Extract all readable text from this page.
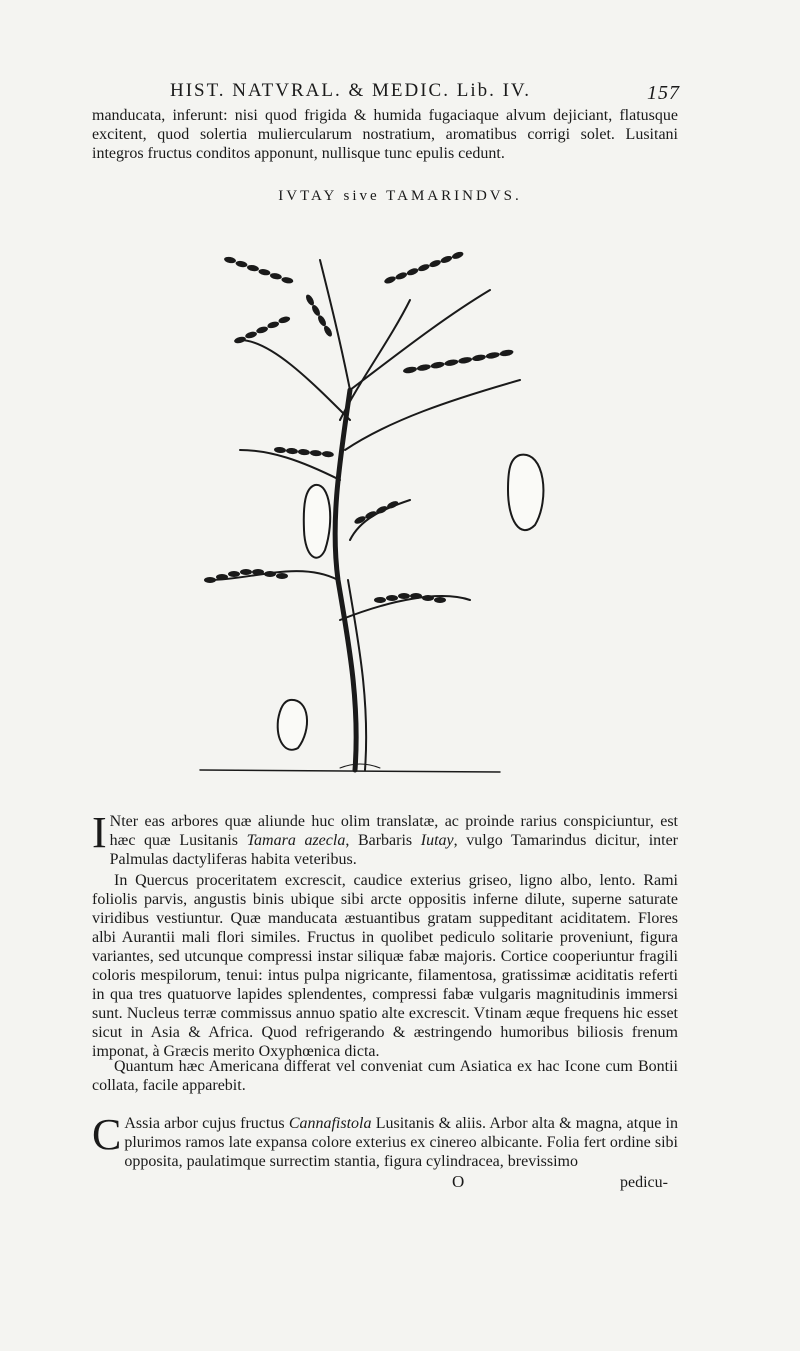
HIST. NATVRAL. & MEDIC. Lib. IV.	157

manducata, inferunt: nisi quod frigida & humida fugaciaque alvum dejiciant, flatusque excitent, quod solertia muliercularum nostratium, aromatibus corrigi solet. Lusitani integros fructus conditos apponunt, nullisque tunc epulis cedunt.

IVTAY sive TAMARINDVS.

I Nter eas arbores quæ aliunde huc olim translatæ, ac proinde rarius conspiciuntur, est hæc quæ Lusitanis Tamara azecla, Barbaris Iutay, vulgo Tamarindus dicitur, inter Palmulas dactyliferas habita veteribus.

In Quercus proceritatem excrescit, caudice exterius griseo, ligno albo, lento. Rami foliolis parvis, angustis binis ubique sibi arcte oppositis inferne dilute, superne saturate viridibus vestiuntur. Quæ manducata æstuantibus gratam suppeditant aciditatem. Flores albi Aurantii mali flori similes. Fructus in quolibet pediculo solitarie proveniunt, figura variantes, sed utcunque compressi instar siliquæ fabæ majoris. Cortice cooperiuntur fragili coloris mespilorum, tenui: intus pulpa nigricante, filamentosa, gratissimæ aciditatis referti in qua tres quatuorve lapides splendentes, compressi fabæ vulgaris magnitudinis immersi sunt. Nucleus terræ commissus annuo spatio alte excrescit. Vtinam æque frequens hic esset sicut in Asia & Africa. Quod refrigerando & æstringendo humoribus biliosis frenum imponat, à Græcis merito Oxyphœnica dicta.

Quantum hæc Americana differat vel conveniat cum Asiatica ex hac Icone cum Bontii collata, facile apparebit.

C Assia arbor cujus fructus Cannafistola Lusitanis & aliis. Arbor alta & magna, atque in plurimos ramos late expansa colore exterius ex cinereo albicante. Folia fert ordine sibi opposita, paulatimque surrectim stantia, figura cylindracea, brevissimo

O	pedicu-
